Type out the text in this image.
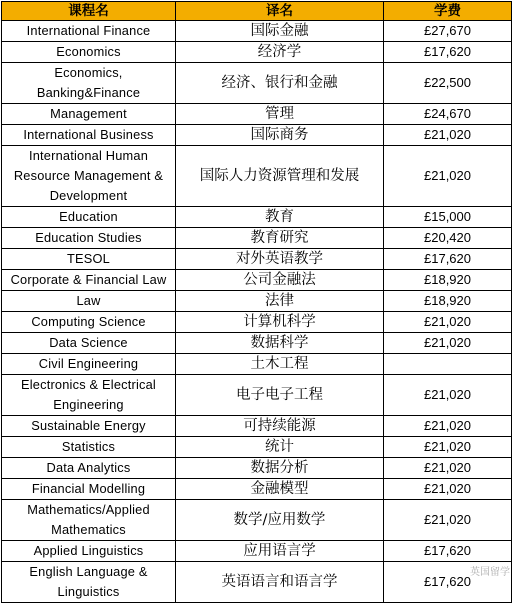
课程名	译名	学费
International Finance	国际金融	£27,670
Economics	经济学	£17,620
Economics, Banking&Finance	经济、银行和金融	£22,500
Management	管理	£24,670
International Business	国际商务	£21,020
International Human Resource Management & Development	国际人力资源管理和发展	£21,020
Education	教育	£15,000
Education Studies	教育研究	£20,420
TESOL	对外英语教学	£17,620
Corporate & Financial Law	公司金融法	£18,920
Law	法律	£18,920
Computing Science	计算机科学	£21,020
Data Science	数据科学	£21,020
Civil Engineering	土木工程	
Electronics & Electrical Engineering	电子电子工程	£21,020
Sustainable Energy	可持续能源	£21,020
Statistics	统计	£21,020
Data Analytics	数据分析	£21,020
Financial Modelling	金融模型	£21,020
Mathematics/Applied Mathematics	数学/应用数学	£21,020
Applied Linguistics	应用语言学	£17,620
English Language & Linguistics	英语语言和语言学	£17,620
英国留学
